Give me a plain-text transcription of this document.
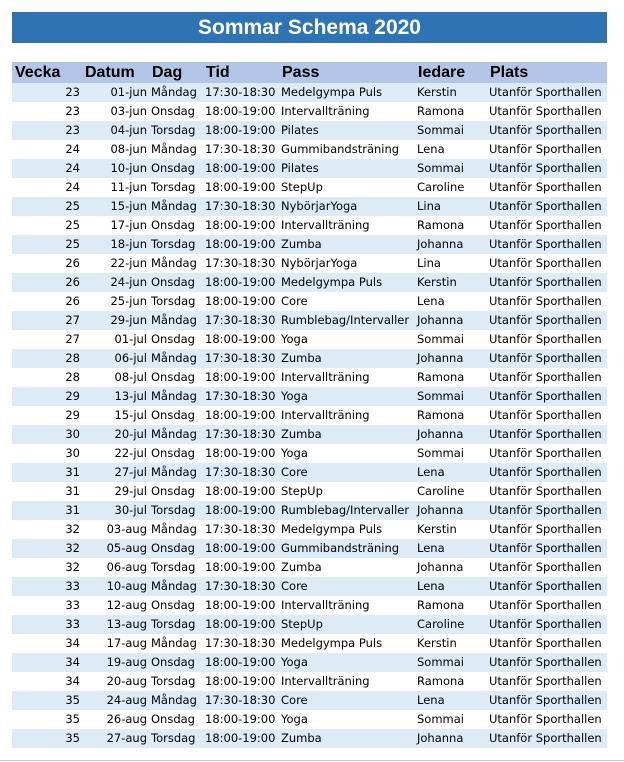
Sommar Schema 2020
Vecka	Datum	Dag	Tid	Pass	Iedare	Plats
23	01-jun	Måndag	17:30-18:30	Medelgympa Puls	Kerstin	Utanför Sporthallen
23	03-jun	Onsdag	18:00-19:00	Intervallträning	Ramona	Utanför Sporthallen
23	04-jun	Torsdag	18:00-19:00	Pilates	Sommai	Utanför Sporthallen
24	08-jun	Måndag	17:30-18:30	Gummibandsträning	Lena	Utanför Sporthallen
24	10-jun	Onsdag	18:00-19:00	Pilates	Sommai	Utanför Sporthallen
24	11-jun	Torsdag	18:00-19:00	StepUp	Caroline	Utanför Sporthallen
25	15-jun	Måndag	17:30-18:30	NybörjarYoga	Lina	Utanför Sporthallen
25	17-jun	Onsdag	18:00-19:00	Intervallträning	Ramona	Utanför Sporthallen
25	18-jun	Torsdag	18:00-19:00	Zumba	Johanna	Utanför Sporthallen
26	22-jun	Måndag	17:30-18:30	NybörjarYoga	Lina	Utanför Sporthallen
26	24-jun	Onsdag	18:00-19:00	Medelgympa Puls	Kerstin	Utanför Sporthallen
26	25-jun	Torsdag	18:00-19:00	Core	Lena	Utanför Sporthallen
27	29-jun	Måndag	17:30-18:30	Rumblebag/Intervaller	Johanna	Utanför Sporthallen
27	01-jul	Onsdag	18:00-19:00	Yoga	Sommai	Utanför Sporthallen
28	06-jul	Måndag	17:30-18:30	Zumba	Johanna	Utanför Sporthallen
28	08-jul	Onsdag	18:00-19:00	Intervallträning	Ramona	Utanför Sporthallen
29	13-jul	Måndag	17:30-18:30	Yoga	Sommai	Utanför Sporthallen
29	15-jul	Onsdag	18:00-19:00	Intervallträning	Ramona	Utanför Sporthallen
30	20-jul	Måndag	17:30-18:30	Zumba	Johanna	Utanför Sporthallen
30	22-jul	Onsdag	18:00-19:00	Yoga	Sommai	Utanför Sporthallen
31	27-jul	Måndag	17:30-18:30	Core	Lena	Utanför Sporthallen
31	29-jul	Onsdag	18:00-19:00	StepUp	Caroline	Utanför Sporthallen
31	30-jul	Torsdag	18:00-19:00	Rumblebag/Intervaller	Johanna	Utanför Sporthallen
32	03-aug	Måndag	17:30-18:30	Medelgympa Puls	Kerstin	Utanför Sporthallen
32	05-aug	Onsdag	18:00-19:00	Gummibandsträning	Lena	Utanför Sporthallen
32	06-aug	Torsdag	18:00-19:00	Zumba	Johanna	Utanför Sporthallen
33	10-aug	Måndag	17:30-18:30	Core	Lena	Utanför Sporthallen
33	12-aug	Onsdag	18:00-19:00	Intervallträning	Ramona	Utanför Sporthallen
33	13-aug	Torsdag	18:00-19:00	StepUp	Caroline	Utanför Sporthallen
34	17-aug	Måndag	17:30-18:30	Medelgympa Puls	Kerstin	Utanför Sporthallen
34	19-aug	Onsdag	18:00-19:00	Yoga	Sommai	Utanför Sporthallen
34	20-aug	Torsdag	18:00-19:00	Intervallträning	Ramona	Utanför Sporthallen
35	24-aug	Måndag	17:30-18:30	Core	Lena	Utanför Sporthallen
35	26-aug	Onsdag	18:00-19:00	Yoga	Sommai	Utanför Sporthallen
35	27-aug	Torsdag	18:00-19:00	Zumba	Johanna	Utanför Sporthallen
